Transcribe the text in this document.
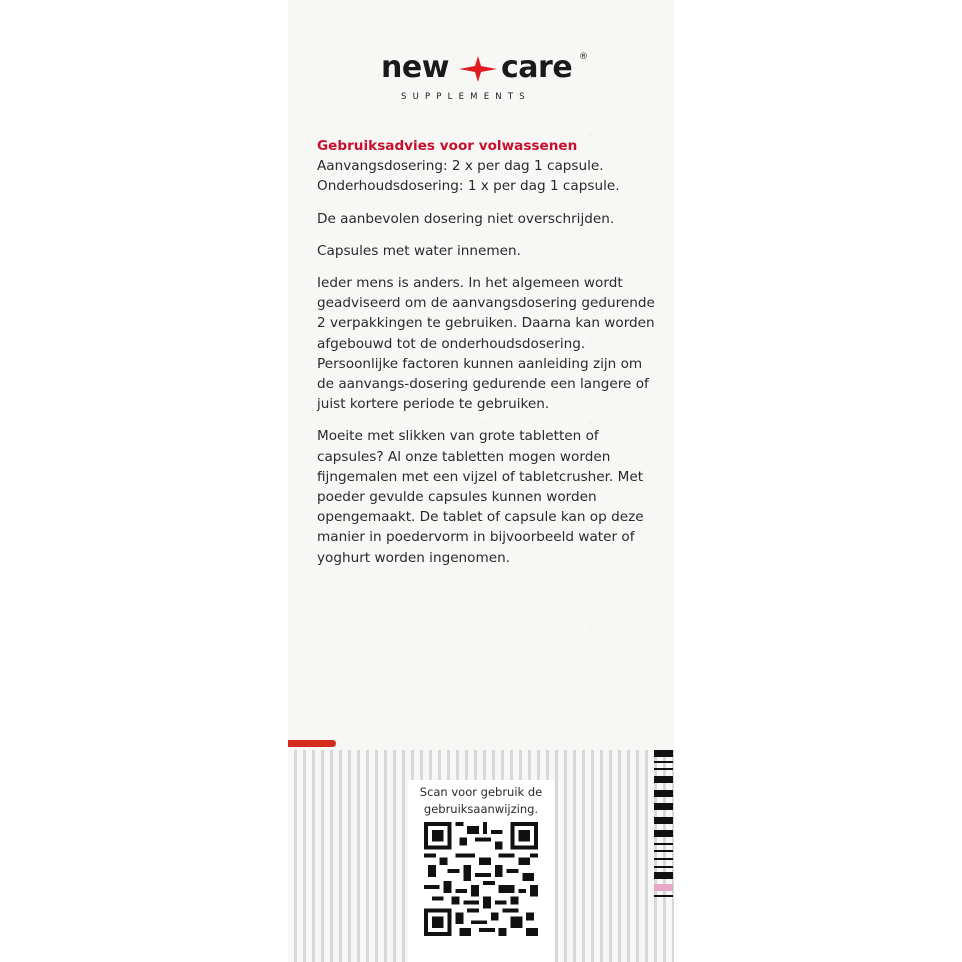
new care ®
SUPPLEMENTS
Gebruiksadvies voor volwassenen

Aanvangsdosering: 2 x per dag 1 capsule.
Onderhoudsdosering: 1 x per dag 1 capsule.

De aanbevolen dosering niet overschrijden.

Capsules met water innemen.

Ieder mens is anders. In het algemeen wordt geadviseerd om de aanvangsdosering gedurende 2 verpakkingen te gebruiken. Daarna kan worden afgebouwd tot de onderhoudsdosering. Persoonlijke factoren kunnen aanleiding zijn om de aanvangs-dosering gedurende een langere of juist kortere periode te gebruiken.

Moeite met slikken van grote tabletten of capsules? Al onze tabletten mogen worden fijngemalen met een vijzel of tabletcrusher. Met poeder gevulde capsules kunnen worden opengemaakt. De tablet of capsule kan op deze manier in poedervorm in bijvoorbeeld water of yoghurt worden ingenomen.

Scan voor gebruik de
gebruiksaanwijzing.
